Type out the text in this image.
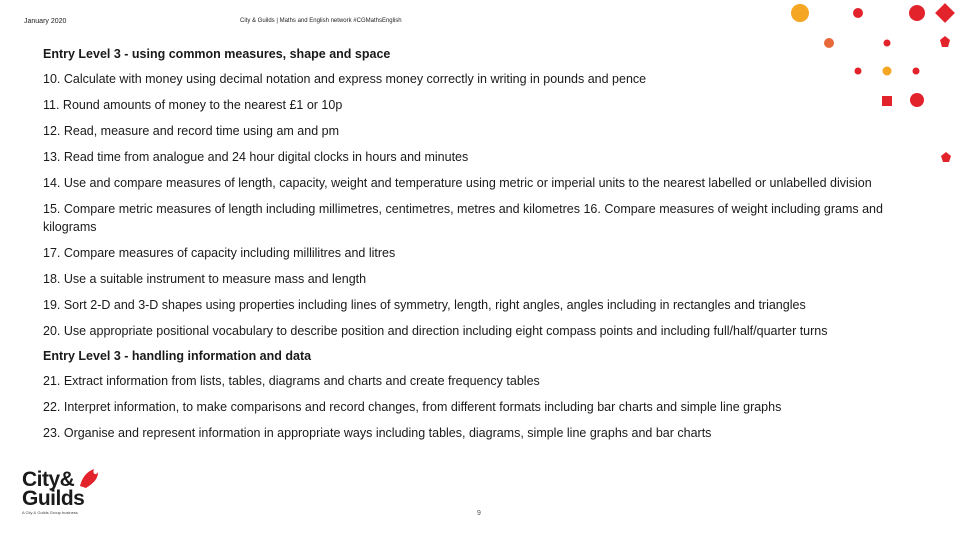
January 2020	City & Guilds | Maths and English network #CGMathsEnglish

Entry Level 3 - using common measures, shape and space

10. Calculate with money using decimal notation and express money correctly in writing in pounds and pence

11. Round amounts of money to the nearest £1 or 10p

12. Read, measure and record time using am and pm

13. Read time from analogue and 24 hour digital clocks in hours and minutes

14. Use and compare measures of length, capacity, weight and temperature using metric or imperial units to the nearest labelled or unlabelled division

15. Compare metric measures of length including millimetres, centimetres, metres and kilometres 16. Compare measures of weight including grams and kilograms

17. Compare measures of capacity including millilitres and litres

18. Use a suitable instrument to measure mass and length

19. Sort 2-D and 3-D shapes using properties including lines of symmetry, length, right angles, angles including in rectangles and triangles

20. Use appropriate positional vocabulary to describe position and direction including eight compass points and including full/half/quarter turns

Entry Level 3 - handling information and data

21. Extract information from lists, tables, diagrams and charts and create frequency tables

22. Interpret information, to make comparisons and record changes, from different formats including bar charts and simple line graphs

23. Organise and represent information in appropriate ways including tables, diagrams, simple line graphs and bar charts

City&
Guilds
A City & Guilds Group business	9
